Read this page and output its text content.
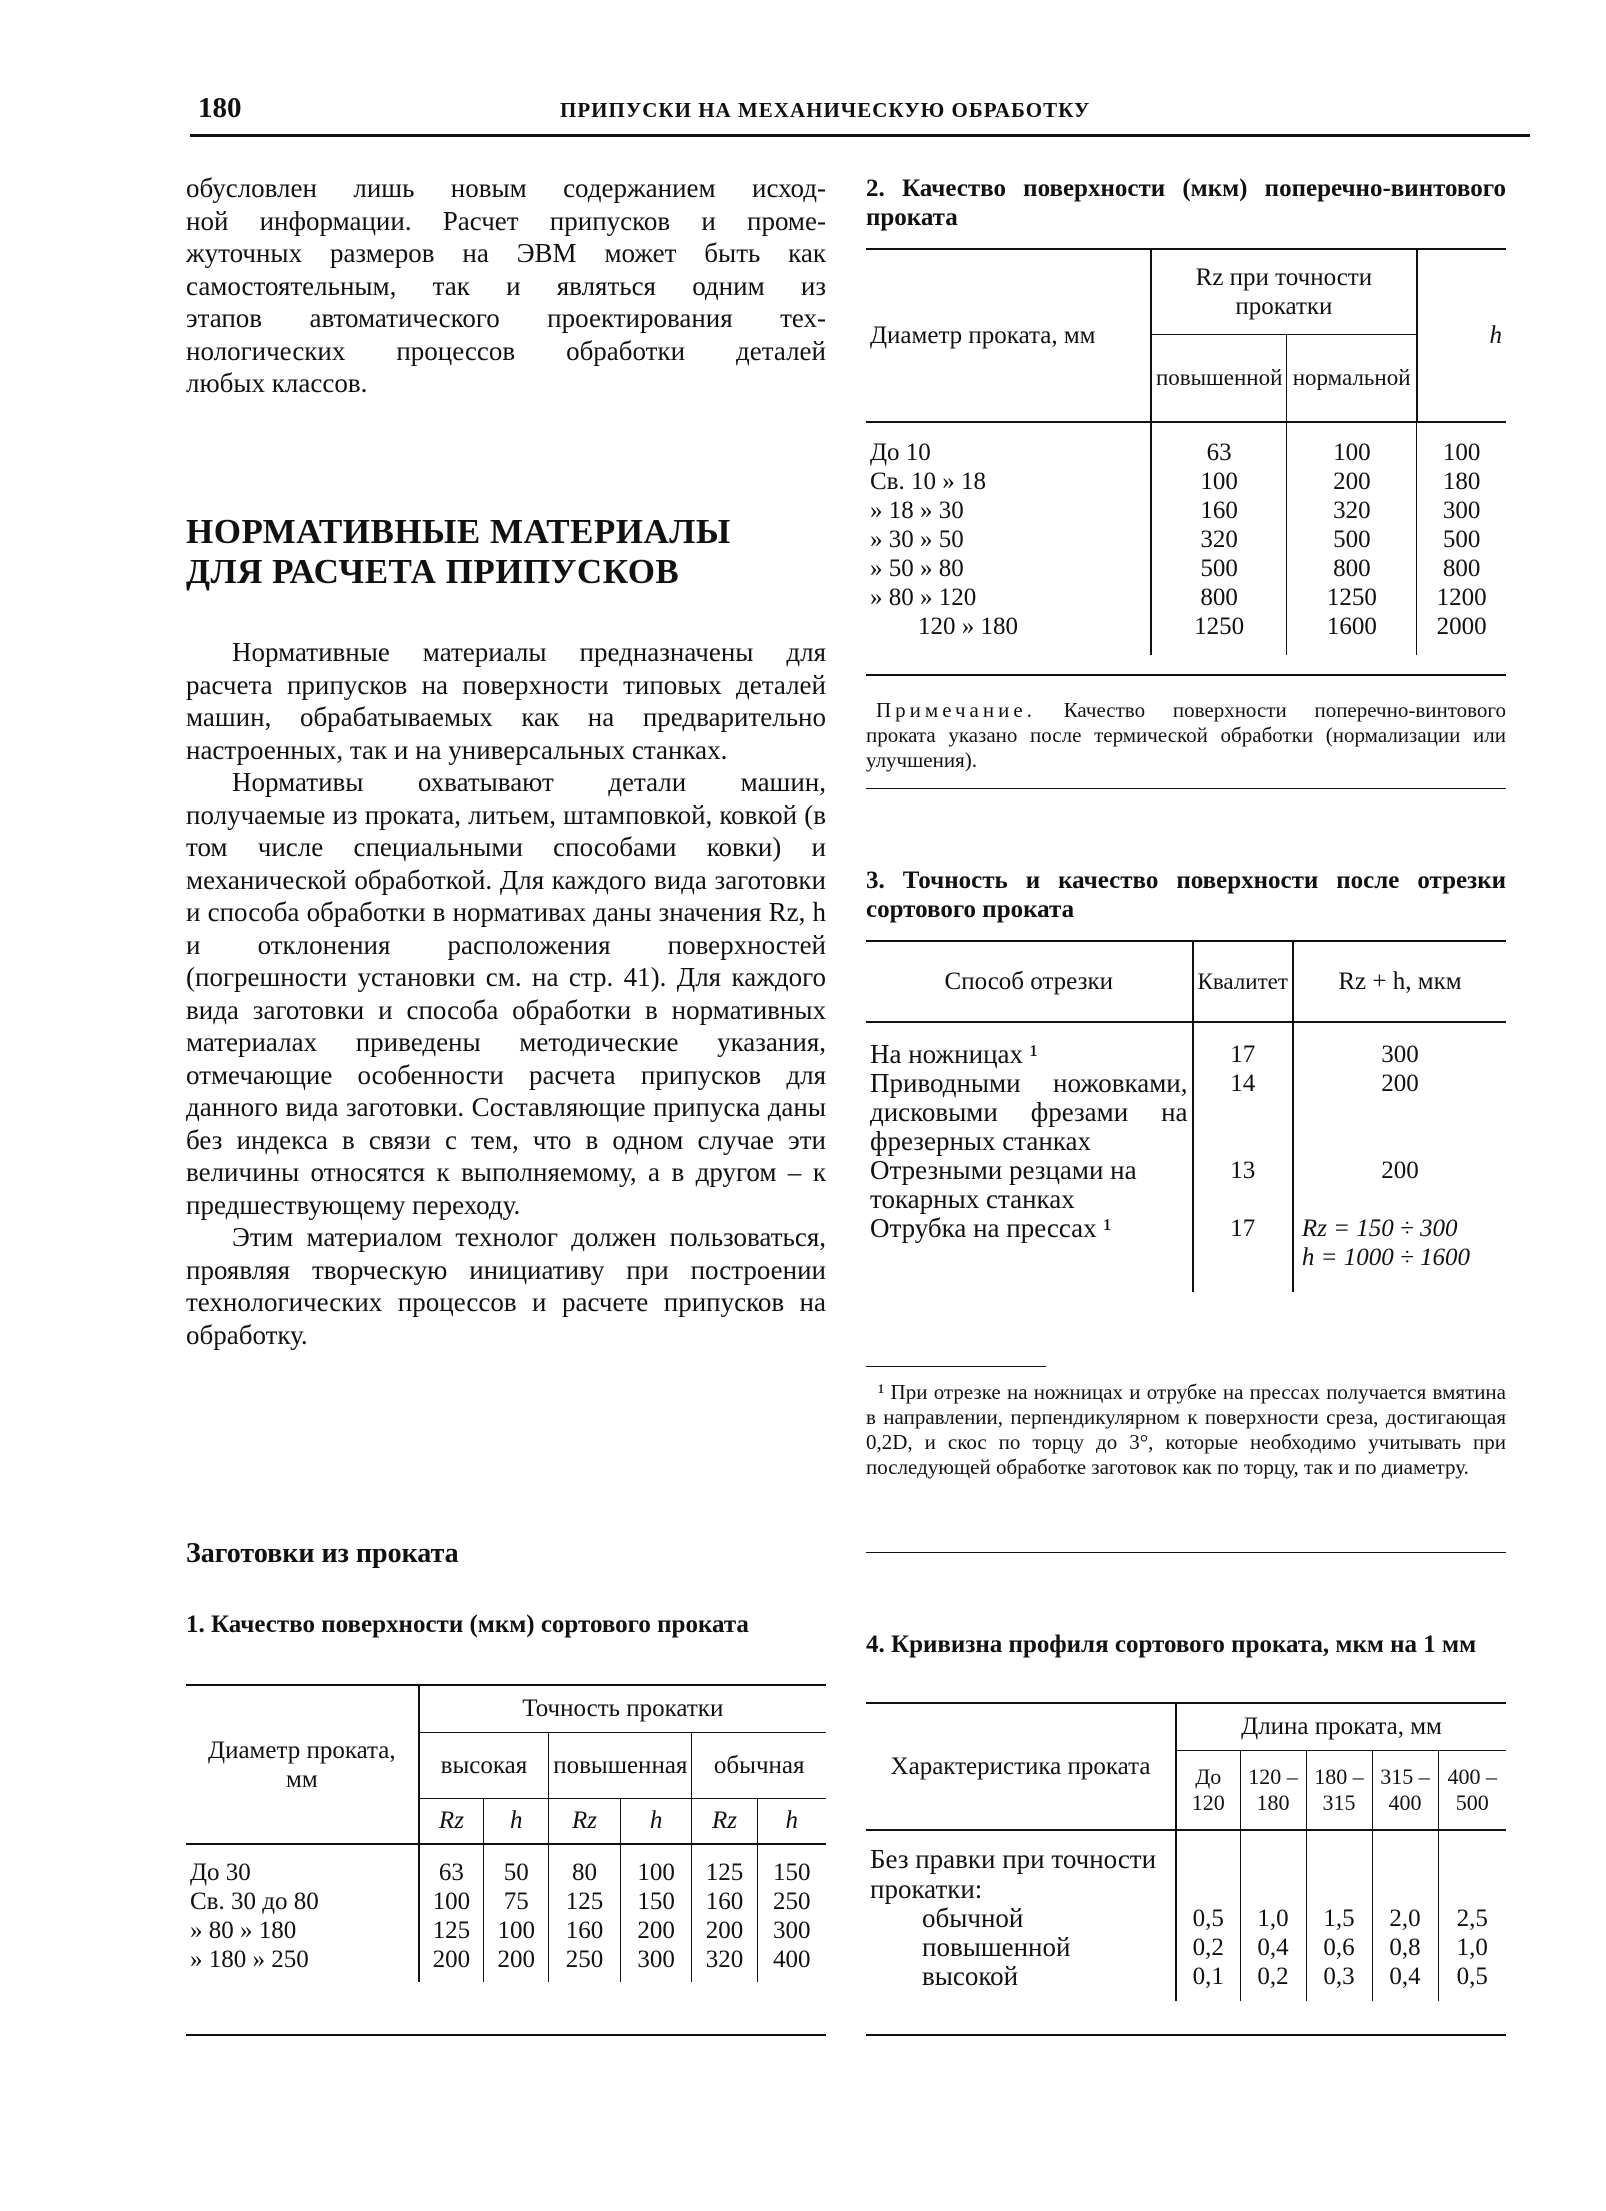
180	ПРИПУСКИ НА МЕХАНИЧЕСКУЮ ОБРАБОТКУ

обусловлен лишь новым содержанием исход-

ной информации. Расчет припусков и проме-

жуточных размеров на ЭВМ может быть как

самостоятельным, так и являться одним из

этапов автоматического проектирования тех-

нологических процессов обработки деталей

любых классов.

НОРМАТИВНЫЕ МАТЕРИАЛЫ
ДЛЯ РАСЧЕТА ПРИПУСКОВ

Нормативные материалы предназначены для расчета припусков на поверхности типовых деталей машин, обрабатываемых как на предварительно настроенных, так и на универсальных станках.

Нормативы охватывают детали машин, получаемые из проката, литьем, штамповкой, ковкой (в том числе специальными способами ковки) и механической обработкой. Для каждого вида заготовки и способа обработки в нормативах даны значения Rz, h и отклонения расположения поверхностей (погрешности установки см. на стр. 41). Для каждого вида заготовки и способа обработки в нормативных материалах приведены методические указания, отмечающие особенности расчета припусков для данного вида заготовки. Составляющие припуска даны без индекса в связи с тем, что в одном случае эти величины относятся к выполняемому, а в другом – к предшествующему переходу.

Этим материалом технолог должен пользоваться, проявляя творческую инициативу при построении технологических процессов и расчете припусков на обработку.

Заготовки из проката
1. Качество поверхности (мкм) сортового проката
Диаметр проката, мм	Точность прокатки					
	высокая		повышенная		обычная	
	Rz	h	Rz	h	Rz	h

До 30	63	50	80	100	125	150
Св. 30 до 80	100	75	125	150	160	250
» 80 » 180	125	100	160	200	200	300
» 180 » 250	200	200	250	300	320	400
2. Качество поверхности (мкм) поперечно-винтового проката
Диаметр проката, мм	Rz при точности прокатки		h
	повышенной	нормальной	

До 10	63	100	100
Св. 10 » 18	100	200	180
» 18 » 30	160	320	300
» 30 » 50	320	500	500
» 50 » 80	500	800	800
» 80 » 120	800	1250	1200
120 » 180	1250	1600	2000
Примечание. Качество поверхности поперечно-винтового проката указано после термической обработки (нормализации или улучшения).
3. Точность и качество поверхности после отрезки сортового проката
Способ отрезки	Квалитет	Rz + h, мкм

На ножницах ¹	17	300
Приводными ножовками, дисковыми фрезами на фрезерных станках	14	200
Отрезными резцами на токарных станках	13	200
Отрубка на прессах ¹	17	Rz = 150 ÷ 300
h = 1000 ÷ 1600
¹ При отрезке на ножницах и отрубке на прессах получается вмятина в направлении, перпендикулярном к поверхности среза, достигающая 0,2D, и скос по торцу до 3°, которые необходимо учитывать при последующей обработке заготовок как по торцу, так и по диаметру.
4. Кривизна профиля сортового проката, мкм на 1 мм
Характеристика проката	Длина проката, мм				
	До 120	120 – 180	180 – 315	315 – 400	400 – 500

Без правки при точности прокатки:					
обычной	0,5	1,0	1,5	2,0	2,5
повышенной	0,2	0,4	0,6	0,8	1,0
высокой	0,1	0,2	0,3	0,4	0,5
